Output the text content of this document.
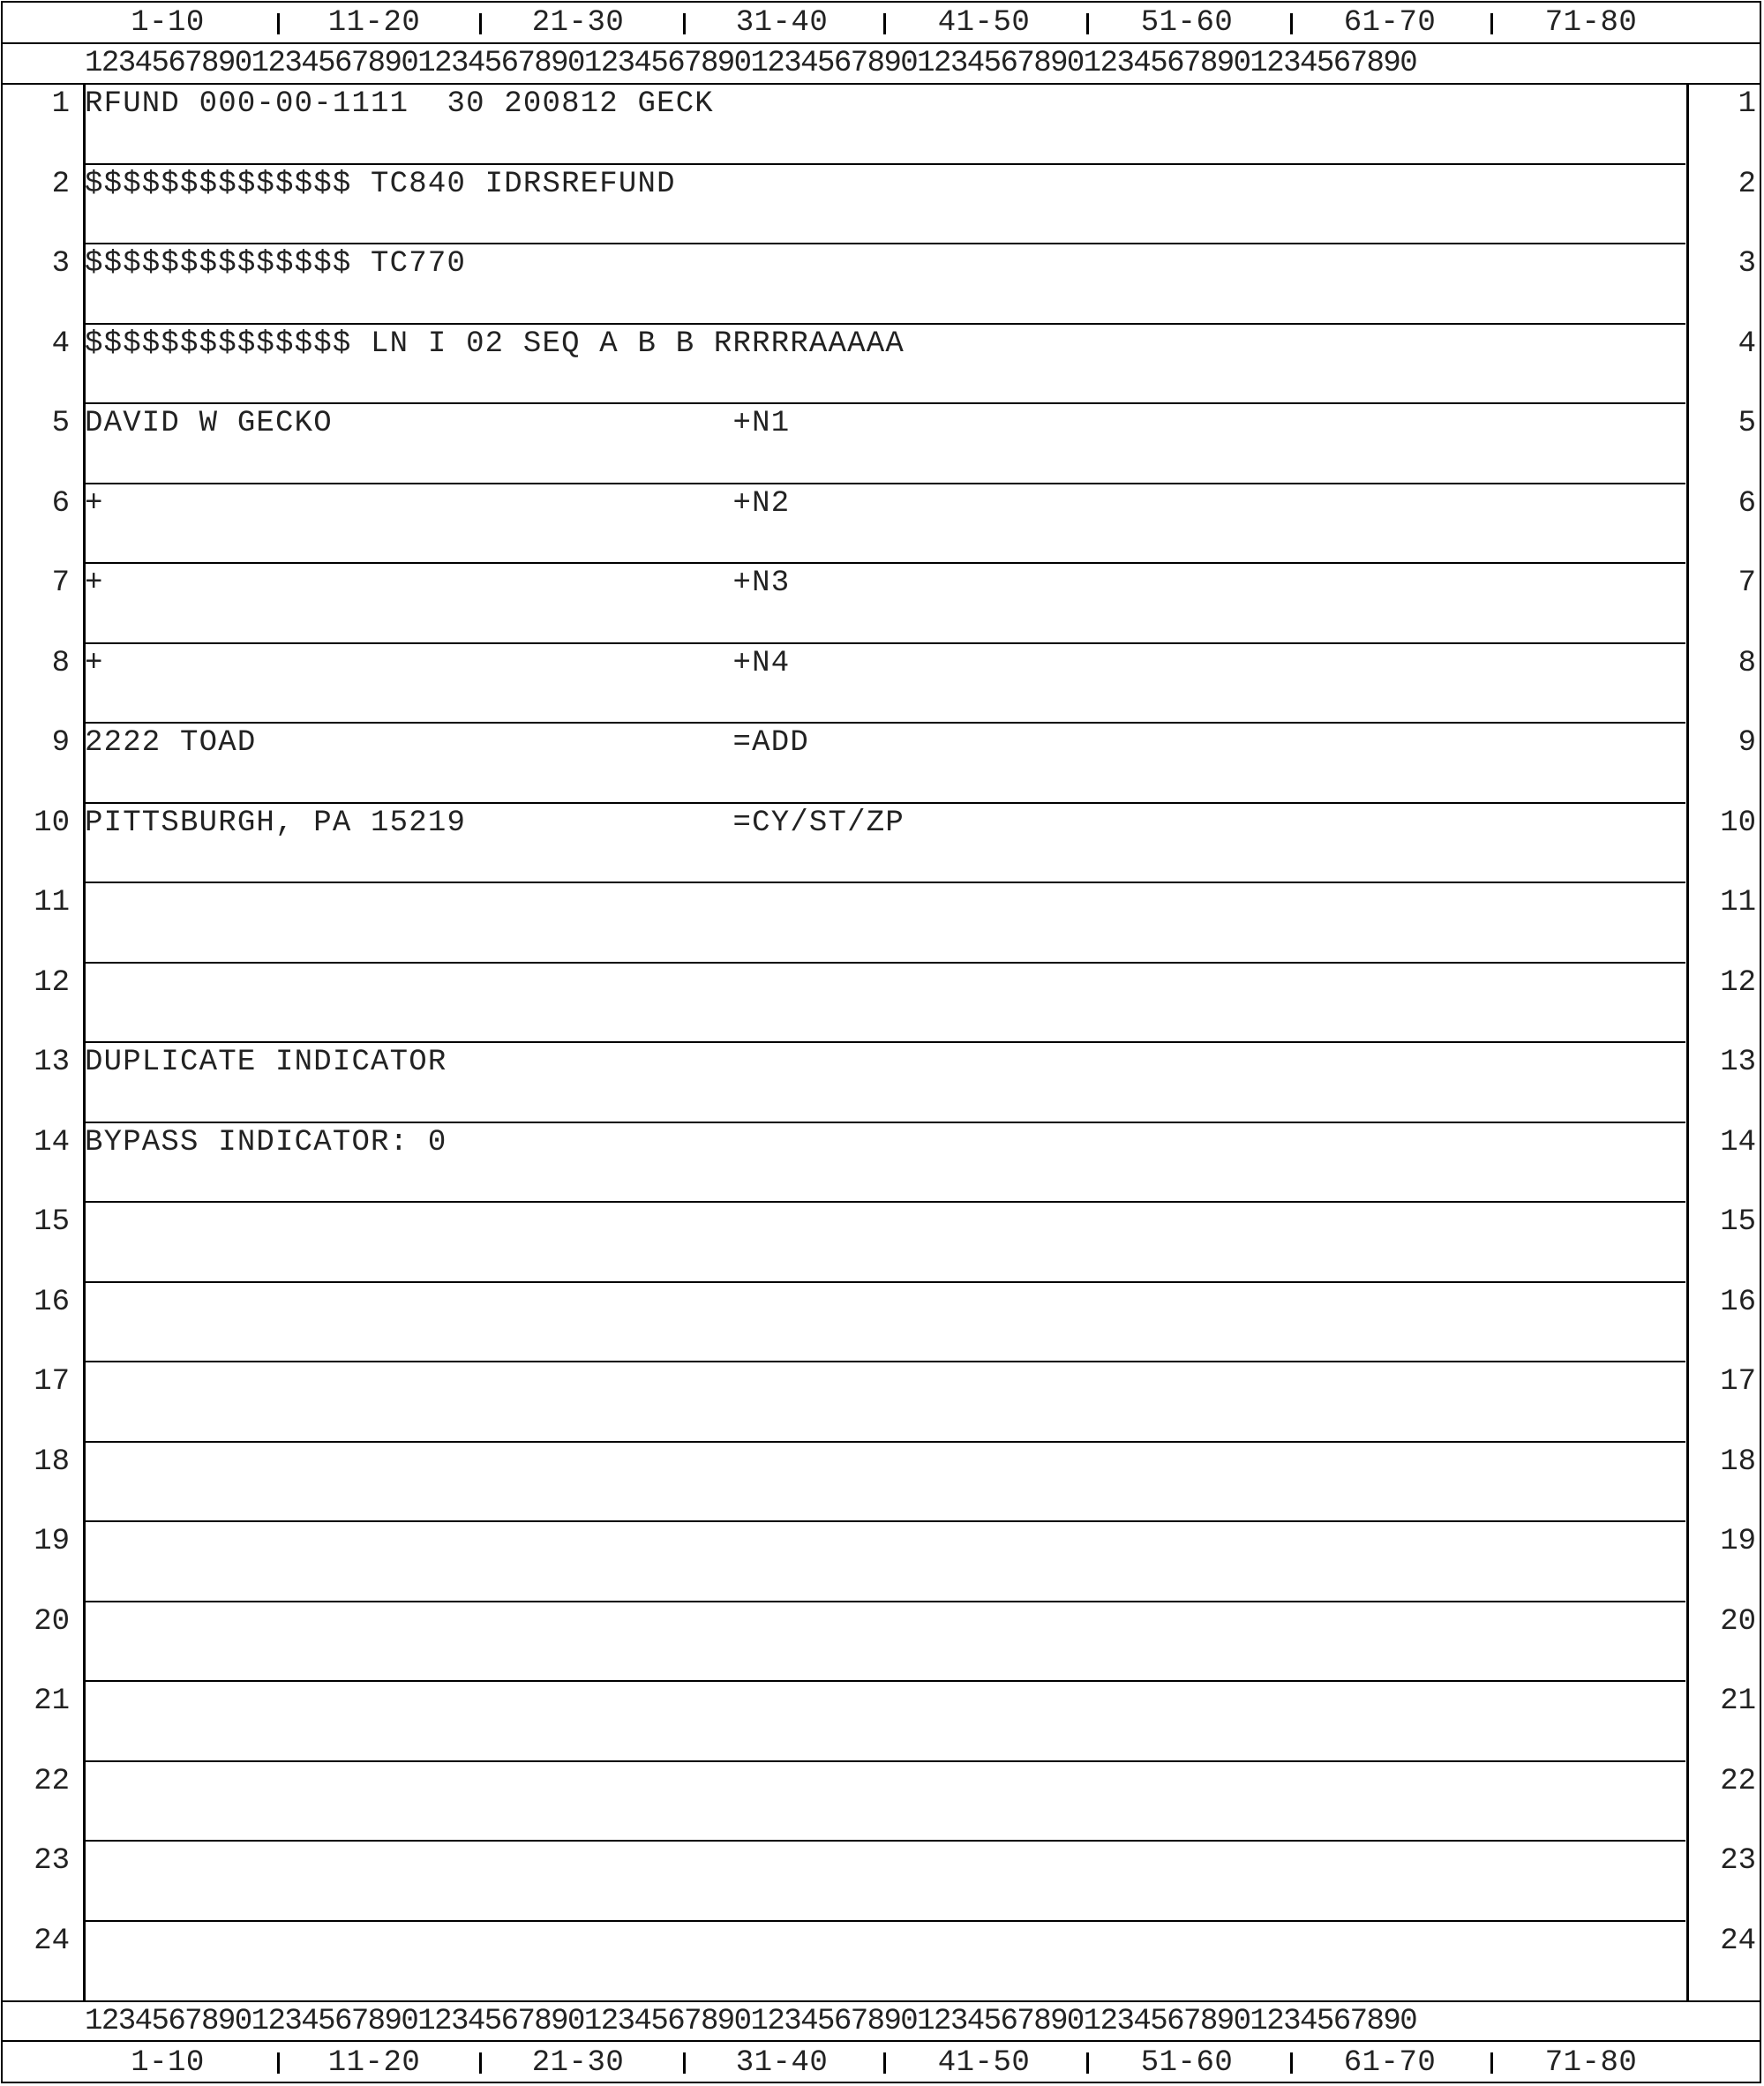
1-10	11-20	21-30	31-40	41-50	51-60	61-70	71-80
12345678901234567890123456789012345678901234567890123456789012345678901234567890
1 RFUND 000-00-1111  30 200812 GECK	1
2 $$$$$$$$$$$$$$ TC840 IDRSREFUND	2
3 $$$$$$$$$$$$$$ TC770	3
4 $$$$$$$$$$$$$$ LN I 02 SEQ A B B RRRRRAAAAA	4
5 DAVID W GECKO                     +N1	5
6 +                                 +N2	6
7 +                                 +N3	7
8 +                                 +N4	8
9 2222 TOAD                         =ADD	9
10 PITTSBURGH, PA 15219              =CY/ST/ZP	10
11	11
12	12
13 DUPLICATE INDICATOR	13
14 BYPASS INDICATOR: 0	14
15	15
16	16
17	17
18	18
19	19
20	20
21	21
22	22
23	23
24	24
12345678901234567890123456789012345678901234567890123456789012345678901234567890
1-10	11-20	21-30	31-40	41-50	51-60	61-70	71-80
